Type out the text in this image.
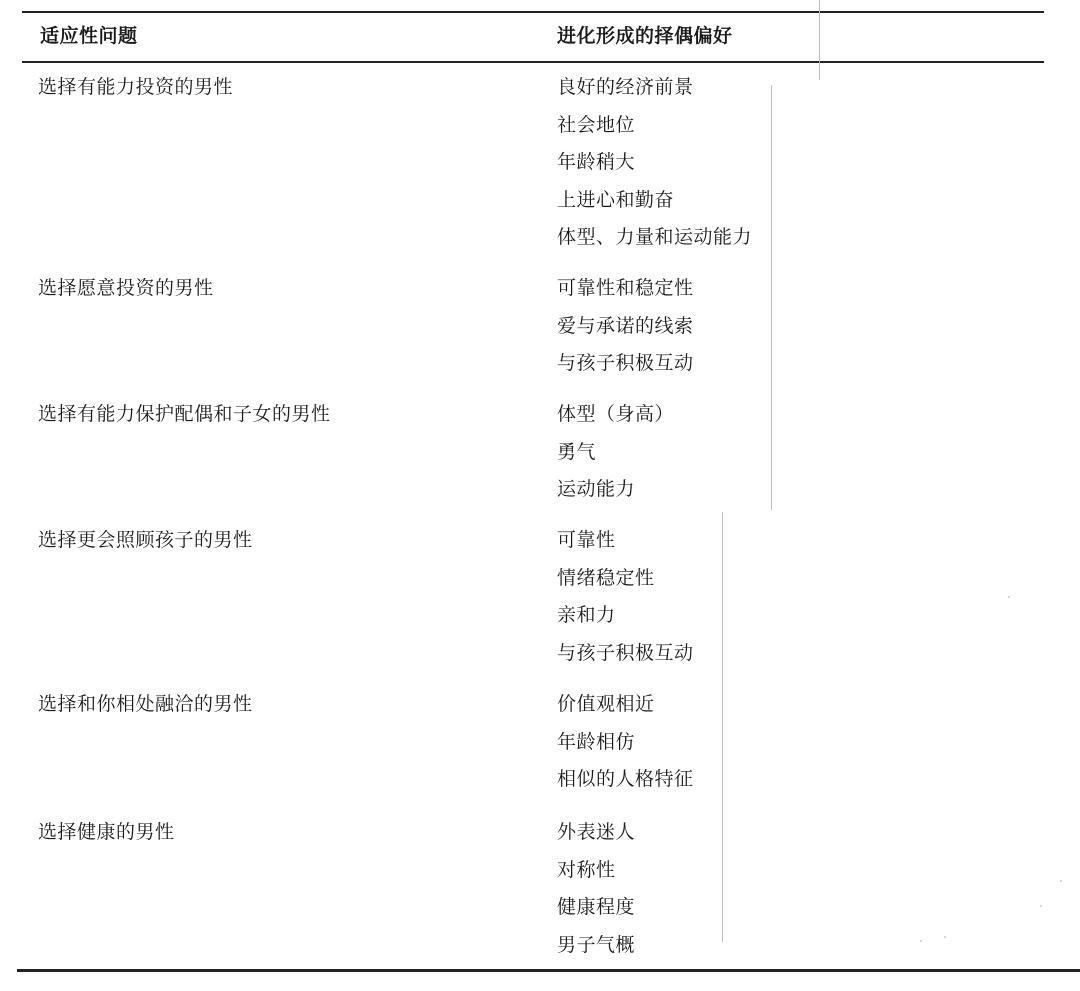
适应性问题	进化形成的择偶偏好
选择有能力投资的男性	良好的经济前景
社会地位
年龄稍大
上进心和勤奋
体型、力量和运动能力
选择愿意投资的男性	可靠性和稳定性
爱与承诺的线索
与孩子积极互动
选择有能力保护配偶和子女的男性	体型（身高）
勇气
运动能力
选择更会照顾孩子的男性	可靠性
情绪稳定性
亲和力
与孩子积极互动
选择和你相处融洽的男性	价值观相近
年龄相仿
相似的人格特征
选择健康的男性	外表迷人
对称性
健康程度
男子气概
